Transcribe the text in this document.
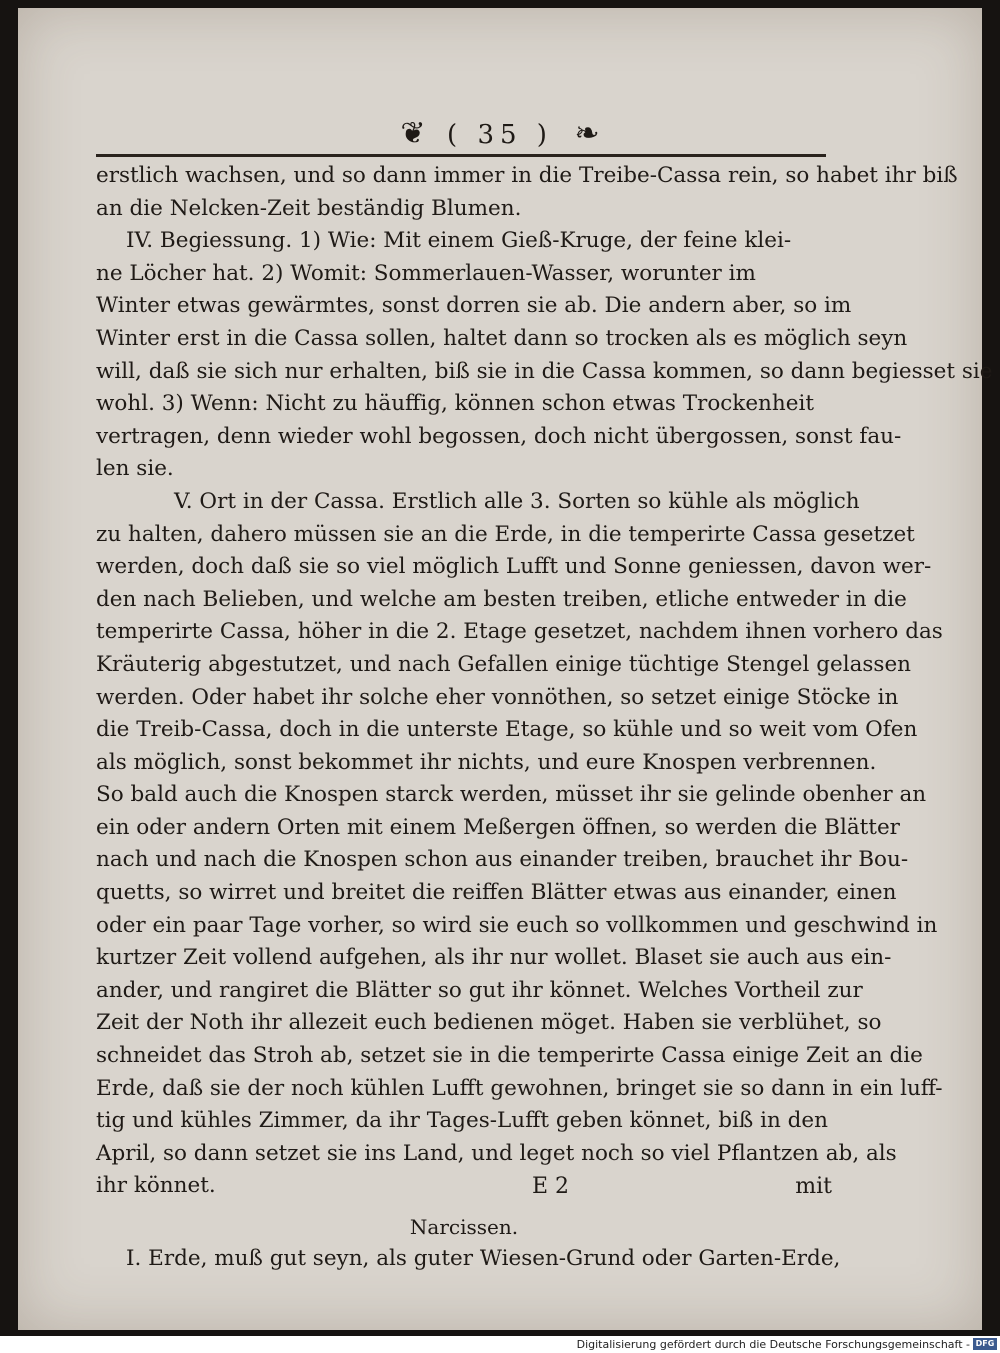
❦ ( 35 ) ❧
erstlich wachsen, und so dann immer in die Treibe-Cassa rein, so habet ihr biß
an die Nelcken-Zeit beständig Blumen.
IV. Begiessung. 1) Wie: Mit einem Gieß-Kruge, der feine klei-
ne Löcher hat. 2) Womit: Sommerlauen-Wasser, worunter im
Winter etwas gewärmtes, sonst dorren sie ab. Die andern aber, so im
Winter erst in die Cassa sollen, haltet dann so trocken als es möglich seyn
will, daß sie sich nur erhalten, biß sie in die Cassa kommen, so dann begiesset sie
wohl. 3) Wenn: Nicht zu häuffig, können schon etwas Trockenheit
vertragen, denn wieder wohl begossen, doch nicht übergossen, sonst fau-
len sie.
V. Ort in der Cassa. Erstlich alle 3. Sorten so kühle als möglich
zu halten, dahero müssen sie an die Erde, in die temperirte Cassa gesetzet
werden, doch daß sie so viel möglich Lufft und Sonne geniessen, davon wer-
den nach Belieben, und welche am besten treiben, etliche entweder in die
temperirte Cassa, höher in die 2. Etage gesetzet, nachdem ihnen vorhero das
Kräuterig abgestutzet, und nach Gefallen einige tüchtige Stengel gelassen
werden. Oder habet ihr solche eher vonnöthen, so setzet einige Stöcke in
die Treib-Cassa, doch in die unterste Etage, so kühle und so weit vom Ofen
als möglich, sonst bekommet ihr nichts, und eure Knospen verbrennen.
So bald auch die Knospen starck werden, müsset ihr sie gelinde obenher an
ein oder andern Orten mit einem Meßergen öffnen, so werden die Blätter
nach und nach die Knospen schon aus einander treiben, brauchet ihr Bou-
quetts, so wirret und breitet die reiffen Blätter etwas aus einander, einen
oder ein paar Tage vorher, so wird sie euch so vollkommen und geschwind in
kurtzer Zeit vollend aufgehen, als ihr nur wollet. Blaset sie auch aus ein-
ander, und rangiret die Blätter so gut ihr könnet. Welches Vortheil zur
Zeit der Noth ihr allezeit euch bedienen möget. Haben sie verblühet, so
schneidet das Stroh ab, setzet sie in die temperirte Cassa einige Zeit an die
Erde, daß sie der noch kühlen Lufft gewohnen, bringet sie so dann in ein luff-
tig und kühles Zimmer, da ihr Tages-Lufft geben könnet, biß in den
April, so dann setzet sie ins Land, und leget noch so viel Pflantzen ab, als
ihr könnet.
Narcissen.
I. Erde, muß gut seyn, als guter Wiesen-Grund oder Garten-Erde,
E 2	mit
Digitalisierung gefördert durch die Deutsche Forschungsgemeinschaft - DFG
